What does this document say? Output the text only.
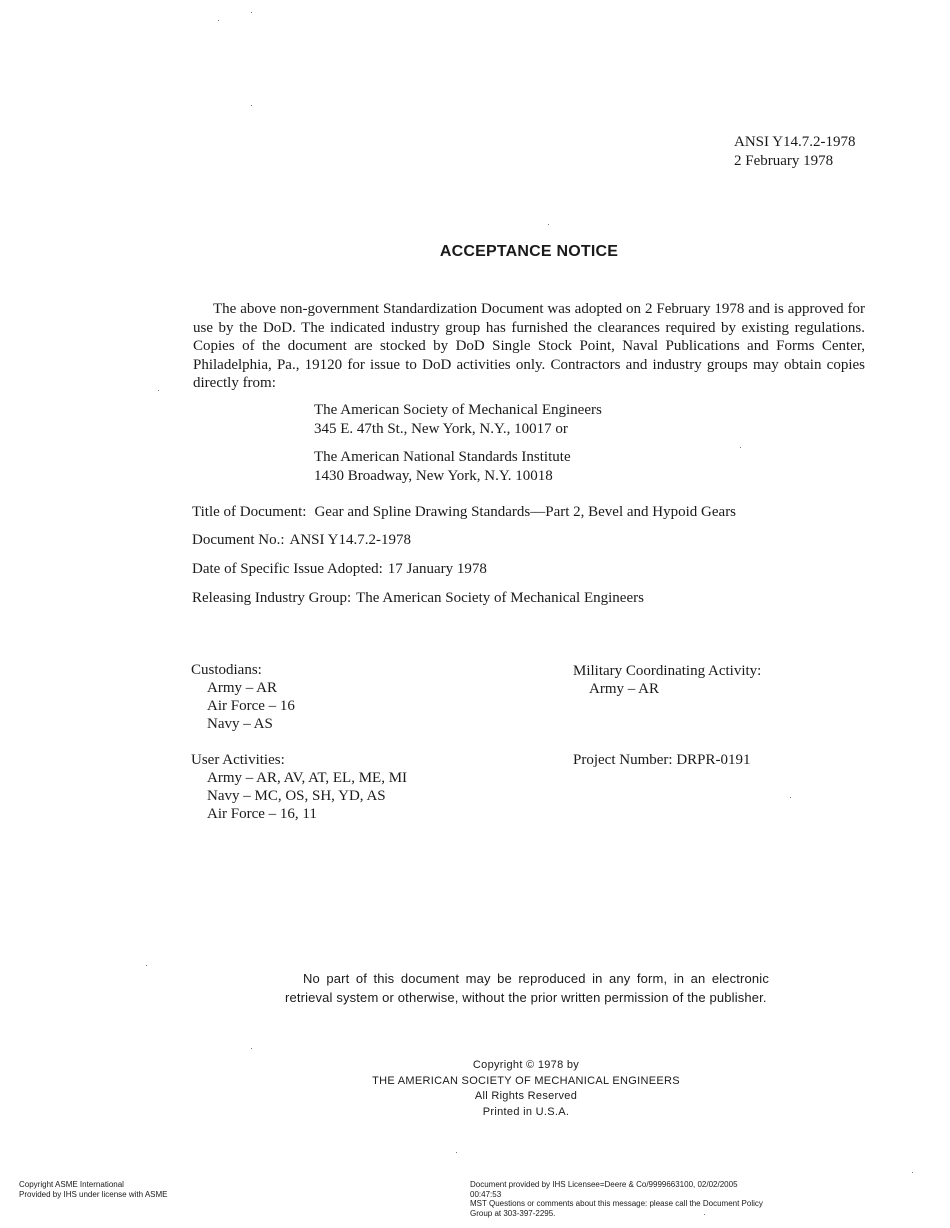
ANSI Y14.7.2-1978
2 February 1978
ACCEPTANCE NOTICE
The above non-government Standardization Document was adopted on 2 February 1978 and is approved for use by the DoD. The indicated industry group has furnished the clearances required by existing regulations. Copies of the document are stocked by DoD Single Stock Point, Naval Publications and Forms Center, Philadelphia, Pa., 19120 for issue to DoD activities only. Contractors and industry groups may obtain copies directly from:
The American Society of Mechanical Engineers
345 E. 47th St., New York, N.Y., 10017 or
The American National Standards Institute
1430 Broadway, New York, N.Y. 10018
Title of Document: Gear and Spline Drawing Standards—Part 2, Bevel and Hypoid Gears
Document No.: ANSI Y14.7.2-1978
Date of Specific Issue Adopted: 17 January 1978
Releasing Industry Group: The American Society of Mechanical Engineers
Custodians:
Army – AR
Air Force – 16
Navy – AS
User Activities:
Army – AR, AV, AT, EL, ME, MI
Navy – MC, OS, SH, YD, AS
Air Force – 16, 11
Military Coordinating Activity:
Army – AR
Project Number: DRPR-0191
No part of this document may be reproduced in any form, in an electronic retrieval system or otherwise, without the prior written permission of the publisher.
Copyright © 1978 by
THE AMERICAN SOCIETY OF MECHANICAL ENGINEERS
All Rights Reserved
Printed in U.S.A.
Copyright ASME International
Provided by IHS under license with ASME
Document provided by IHS Licensee=Deere & Co/9999663100, 02/02/2005 00:47:53
MST Questions or comments about this message: please call the Document Policy
Group at 303-397-2295.
